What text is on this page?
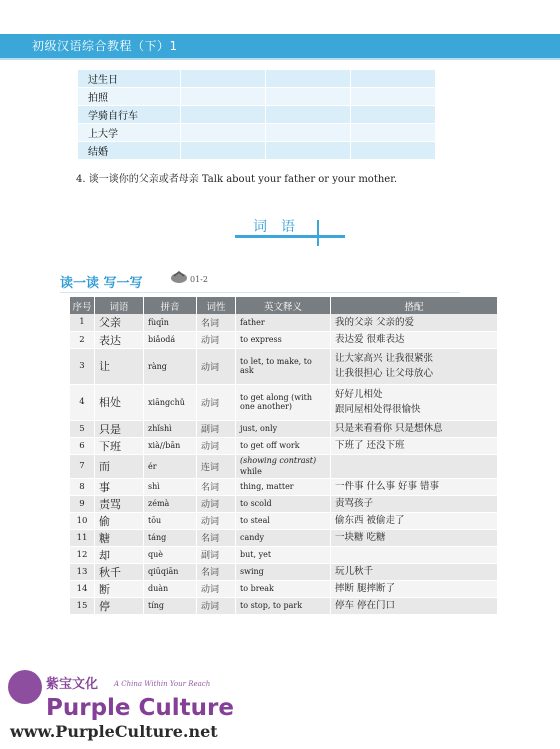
初级汉语综合教程（下）1
过生日			
拍照			
学骑自行车			
上大学			
结婚			
4. 谈一谈你的父亲或者母亲 Talk about your father or your mother.
词语
读一读 写一写	01-2
序号	词语	拼音	词性	英文释义	搭配
1	父亲	fùqīn	名词	father	我的父亲 父亲的爱

2	表达	biǎodá	动词	to express	表达爱 很难表达

3	让	ràng	动词	to let, to make, to ask	让大家高兴 让我很紧张
让我很担心 让父母放心

4	相处	xiāngchǔ	动词	to get along (with one another)	好好儿相处
跟同屋相处得很愉快

5	只是	zhǐshì	副词	just, only	只是来看看你 只是想休息

6	下班	xià//bān	动词	to get off work	下班了 还没下班

7	而	ér	连词	(showing contrast)
while	

8	事	shì	名词	thing, matter	一件事 什么事 好事 错事

9	责骂	zémà	动词	to scold	责骂孩子

10	偷	tōu	动词	to steal	偷东西 被偷走了

11	糖	táng	名词	candy	一块糖 吃糖

12	却	què	副词	but, yet	

13	秋千	qiūqiān	名词	swing	玩儿秋千

14	断	duàn	动词	to break	摔断 腿摔断了

15	停	tíng	动词	to stop, to park	停车 停在门口
紫宝文化 A China Within Your Reach
Purple Culture
www.PurpleCulture.net
